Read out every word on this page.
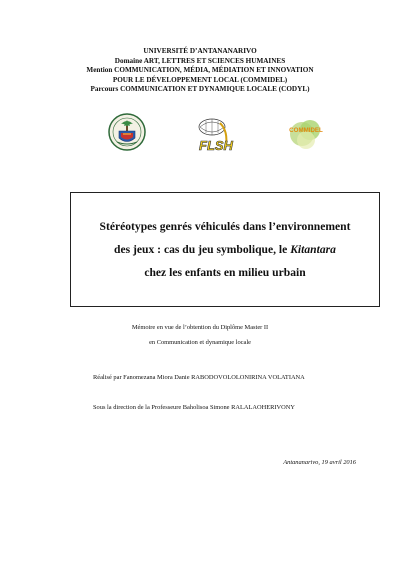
UNIVERSITÉ D’ANTANANARIVO
Domaine ART, LETTRES ET SCIENCES HUMAINES
Mention COMMUNICATION, MÉDIA, MÉDIATION ET INNOVATION
POUR LE DÉVELOPPEMENT LOCAL (COMMIDEL)
Parcours COMMUNICATION ET DYNAMIQUE LOCALE (CODYL)
FLSH
COMMIDEL
Stéréotypes genrés véhiculés dans l’environnement
des jeux : cas du jeu symbolique, le Kitantara
chez les enfants en milieu urbain
Mémoire en vue de l’obtention du Diplôme Master II
en Communication et dynamique locale
Réalisé par Fanomezana Miora Danie RABODOVOLOLONIRINA VOLATIANA
Sous la direction de la Professeure Baholisoa Simone RALALAOHERIVONY
Antananarivo, 19 avril 2016
